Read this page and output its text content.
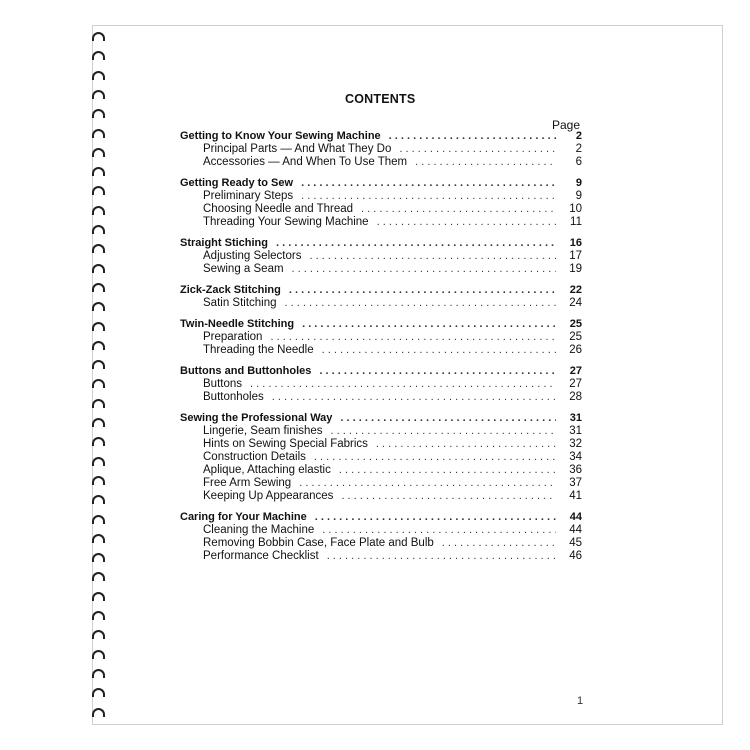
CONTENTS
Page
Getting to Know Your Sewing Machine . . .	2
Principal Parts — And What They Do . . .	2
Accessories — And When To Use Them . . .	6
Getting Ready to Sew . . .	9
Preliminary Steps . . .	9
Choosing Needle and Thread . . .	10
Threading Your Sewing Machine . . .	11
Straight Stiching . . .	16
Adjusting Selectors . . .	17
Sewing a Seam . . .	19
Zick-Zack Stitching . . .	22
Satin Stitching . . .	24
Twin-Needle Stitching . . .	25
Preparation . . .	25
Threading the Needle . . .	26
Buttons and Buttonholes . . .	27
Buttons . . .	27
Buttonholes . . .	28
Sewing the Professional Way . . .	31
Lingerie, Seam finishes . . .	31
Hints on Sewing Special Fabrics . . .	32
Construction Details . . .	34
Aplique, Attaching elastic . . .	36
Free Arm Sewing . . .	37
Keeping Up Appearances . . .	41
Caring for Your Machine . . .	44
Cleaning the Machine . . .	44
Removing Bobbin Case, Face Plate and Bulb . . .	45
Performance Checklist . . .	46
1
